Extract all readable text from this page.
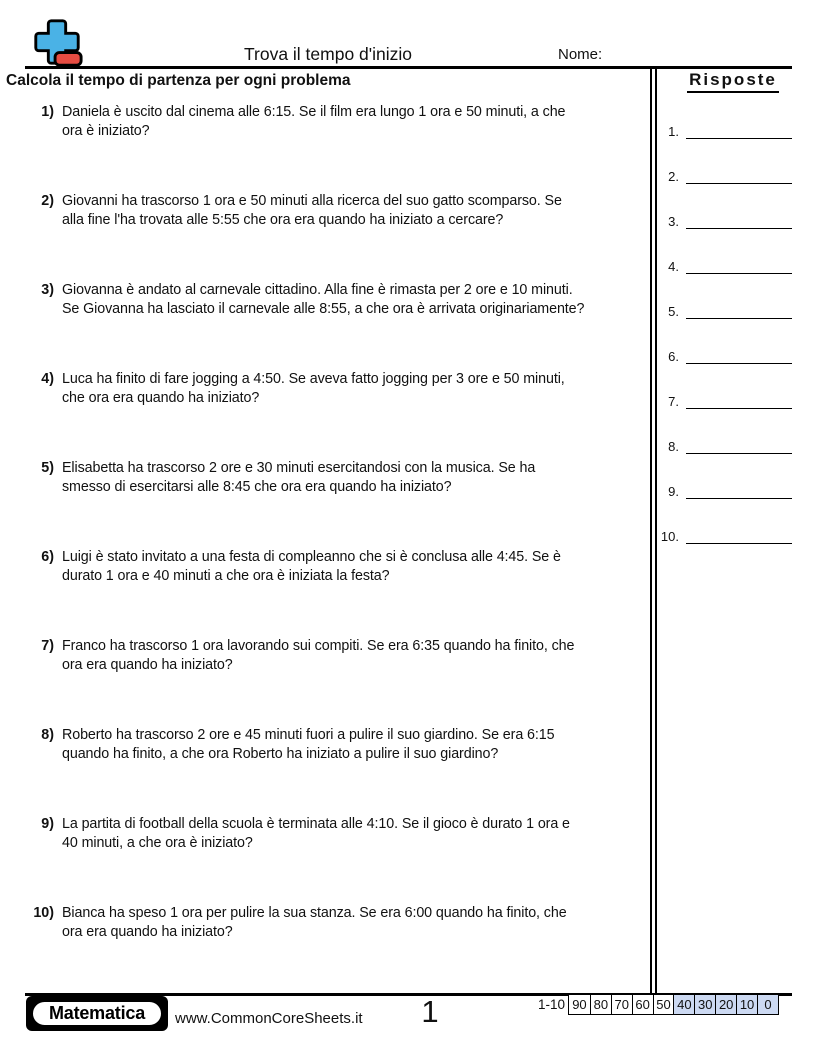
Trova il tempo d'inizio	Nome:
Calcola il tempo di partenza per ogni problema
1) Daniela è uscito dal cinema alle 6:15. Se il film era lungo 1 ora e 50 minuti, a che
ora è iniziato?
2) Giovanni ha trascorso 1 ora e 50 minuti alla ricerca del suo gatto scomparso. Se
alla fine l'ha trovata alle 5:55 che ora era quando ha iniziato a cercare?
3) Giovanna è andato al carnevale cittadino. Alla fine è rimasta per 2 ore e 10 minuti.
Se Giovanna ha lasciato il carnevale alle 8:55, a che ora è arrivata originariamente?
4) Luca ha finito di fare jogging a 4:50. Se aveva fatto jogging per 3 ore e 50 minuti,
che ora era quando ha iniziato?
5) Elisabetta ha trascorso 2 ore e 30 minuti esercitandosi con la musica. Se ha
smesso di esercitarsi alle 8:45 che ora era quando ha iniziato?
6) Luigi è stato invitato a una festa di compleanno che si è conclusa alle 4:45. Se è
durato 1 ora e 40 minuti a che ora è iniziata la festa?
7) Franco ha trascorso 1 ora lavorando sui compiti. Se era 6:35 quando ha finito, che
ora era quando ha iniziato?
8) Roberto ha trascorso 2 ore e 45 minuti fuori a pulire il suo giardino. Se era 6:15
quando ha finito, a che ora Roberto ha iniziato a pulire il suo giardino?
9) La partita di football della scuola è terminata alle 4:10. Se il gioco è durato 1 ora e
40 minuti, a che ora è iniziato?
10) Bianca ha speso 1 ora per pulire la sua stanza. Se era 6:00 quando ha finito, che
ora era quando ha iniziato?
Risposte
1.
2.
3.
4.
5.
6.
7.
8.
9.
10.
Matematica www.CommonCoreSheets.it	1	1-10 90 80 70 60 50 40 30 20 10 0
